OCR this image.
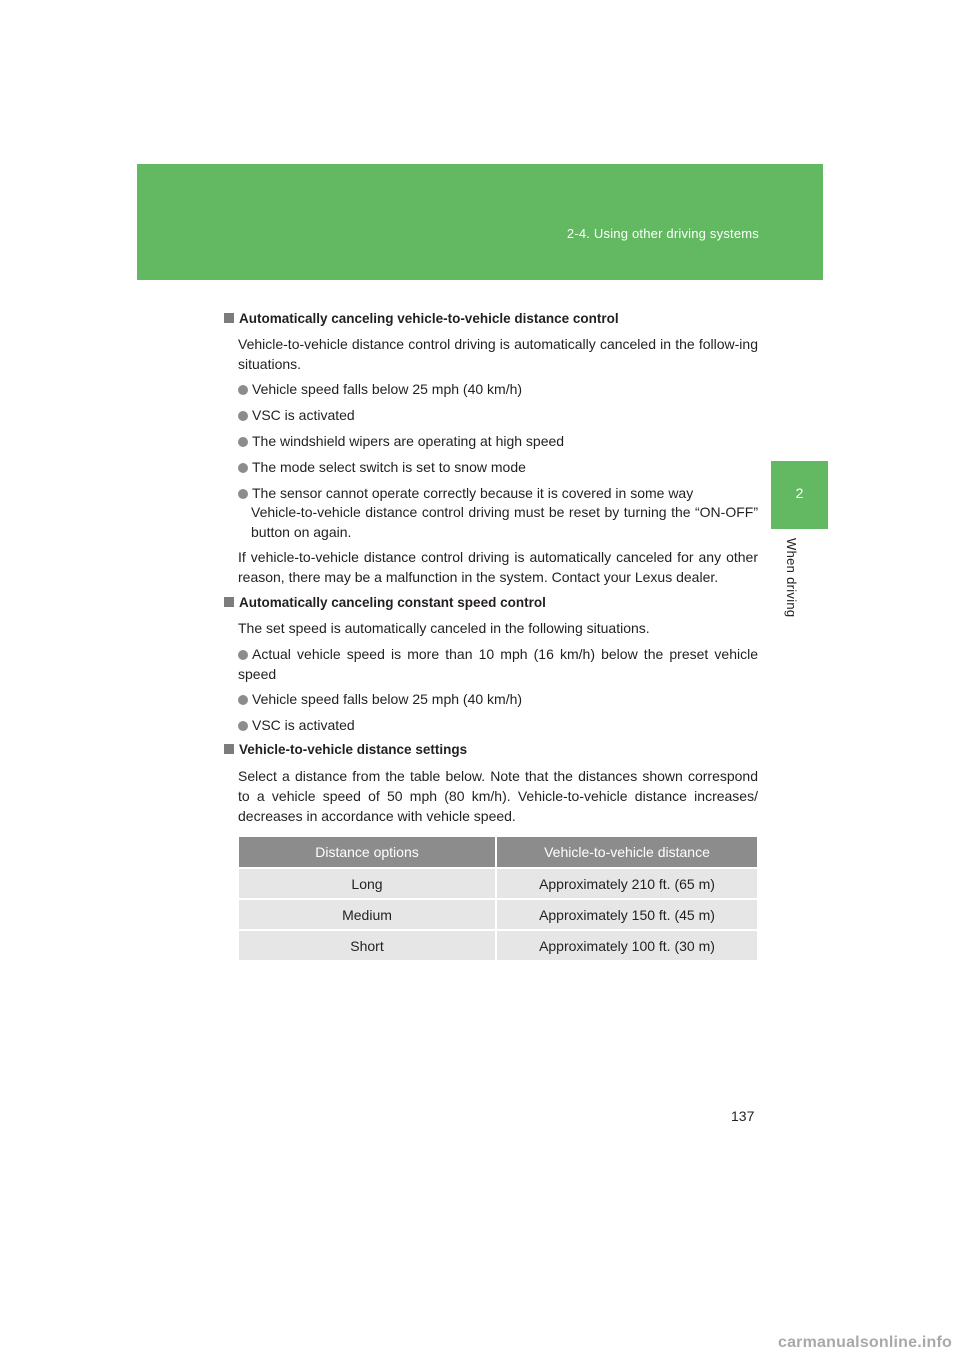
2-4. Using other driving systems
2
When driving
Automatically canceling vehicle-to-vehicle distance control
Vehicle-to-vehicle distance control driving is automatically canceled in the follow-ing situations.
Vehicle speed falls below 25 mph (40 km/h)
VSC is activated
The windshield wipers are operating at high speed
The mode select switch is set to snow mode
The sensor cannot operate correctly because it is covered in some way
Vehicle-to-vehicle distance control driving must be reset by turning the “ON-OFF” button on again.
If vehicle-to-vehicle distance control driving is automatically canceled for any other reason, there may be a malfunction in the system. Contact your Lexus dealer.
Automatically canceling constant speed control
The set speed is automatically canceled in the following situations.
Actual vehicle speed is more than 10 mph (16 km/h) below the preset vehicle speed
Vehicle speed falls below 25 mph (40 km/h)
VSC is activated
Vehicle-to-vehicle distance settings
Select a distance from the table below. Note that the distances shown correspond to a vehicle speed of 50 mph (80 km/h). Vehicle-to-vehicle distance increases/ decreases in accordance with vehicle speed.
Distance options	Vehicle-to-vehicle distance
Long	Approximately 210 ft. (65 m)
Medium	Approximately 150 ft. (45 m)
Short	Approximately 100 ft. (30 m)
137
carmanualsonline.info
